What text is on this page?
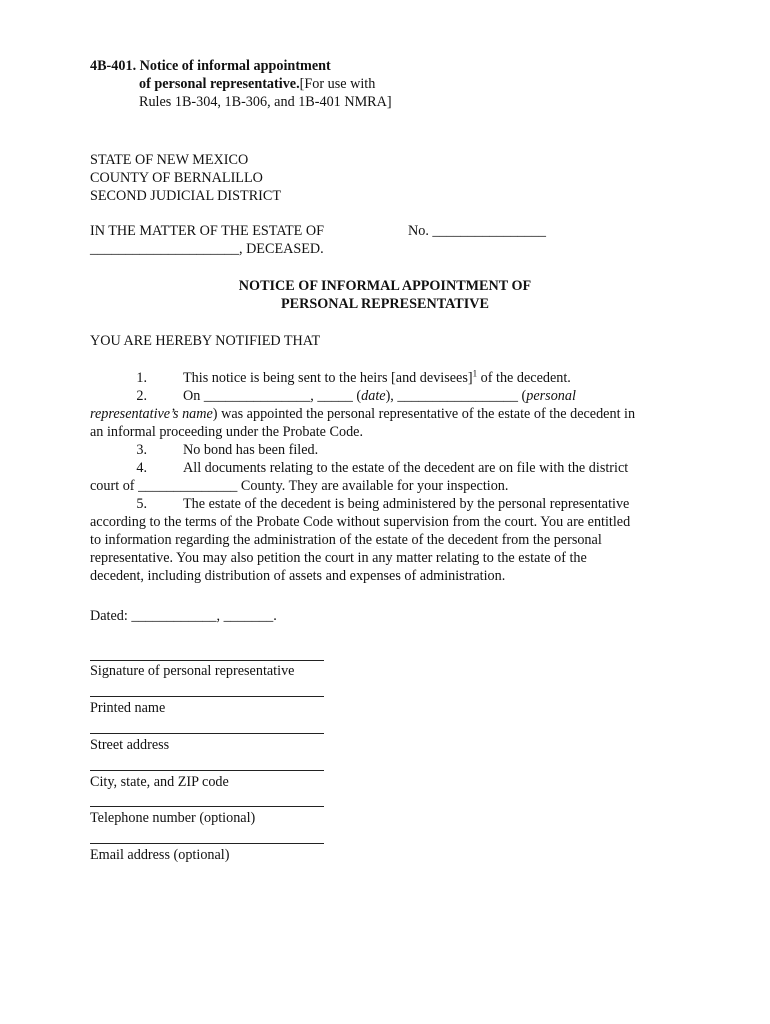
4B-401. Notice of informal appointment
of personal representative.[For use with
Rules 1B-304, 1B-306, and 1B-401 NMRA]
STATE OF NEW MEXICO
COUNTY OF BERNALILLO
SECOND JUDICIAL DISTRICT
IN THE MATTER OF THE ESTATE OF
_____________________, DECEASED.
No. ________________
NOTICE OF INFORMAL APPOINTMENT OF
PERSONAL REPRESENTATIVE
YOU ARE HEREBY NOTIFIED THAT
1.	This notice is being sent to the heirs [and devisees]$^1$ of the decedent.
2.	On _______________, _____ (date), _________________ (personal
representative’s name) was appointed the personal representative of the estate of the decedent in
an informal proceeding under the Probate Code.
3.	No bond has been filed.
4.	All documents relating to the estate of the decedent are on file with the district
court of ______________ County. They are available for your inspection.
5.	The estate of the decedent is being administered by the personal representative
according to the terms of the Probate Code without supervision from the court. You are entitled
to information regarding the administration of the estate of the decedent from the personal
representative. You may also petition the court in any matter relating to the estate of the
decedent, including distribution of assets and expenses of administration.
Dated: ____________, _______.
Signature of personal representative
Printed name
Street address
City, state, and ZIP code
Telephone number (optional)
Email address (optional)
